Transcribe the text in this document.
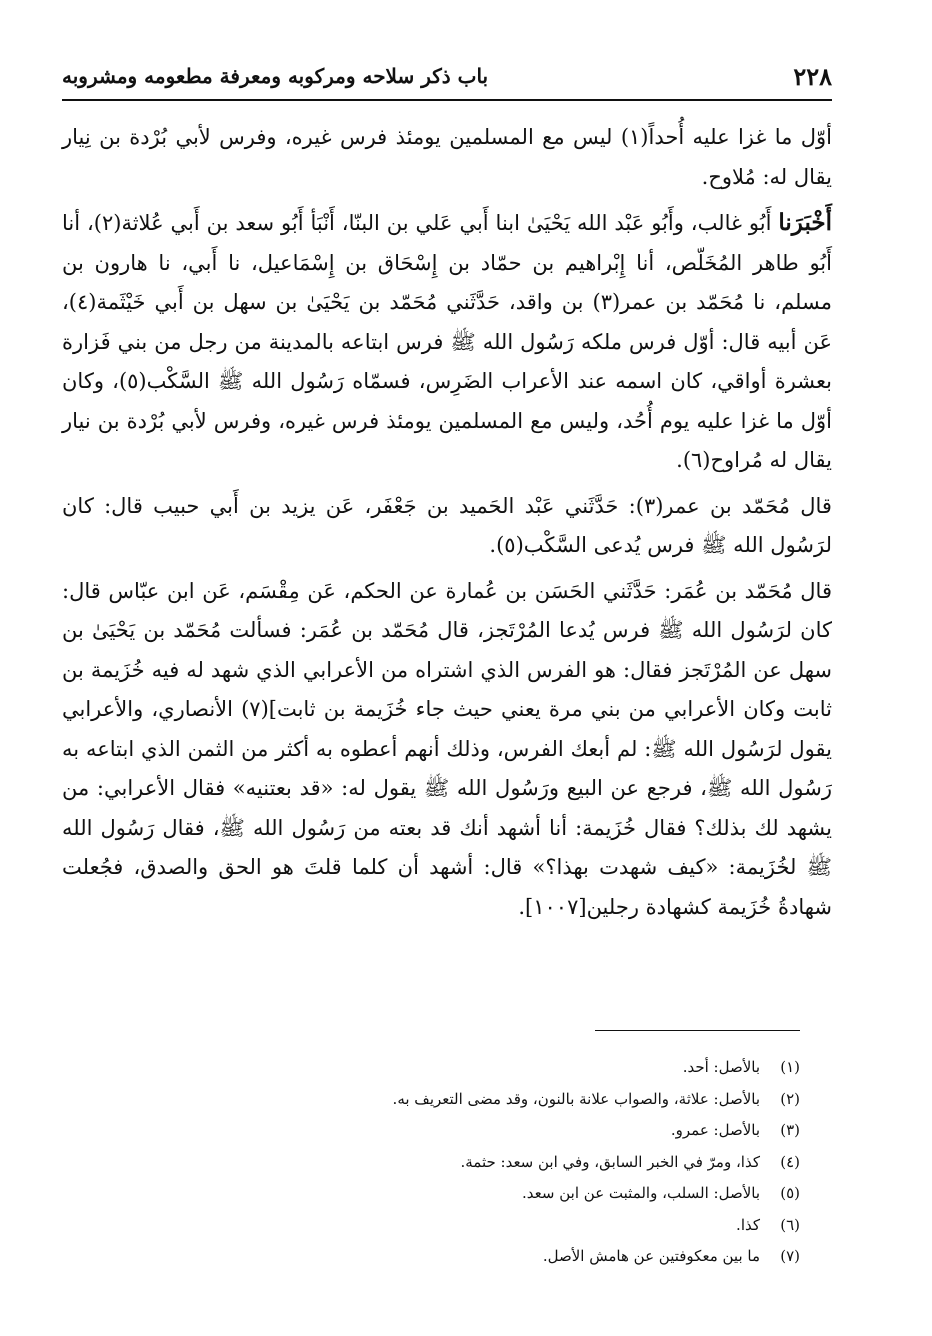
٢٢٨
باب ذكر سلاحه ومركوبه ومعرفة مطعومه ومشروبه

أوّل ما غزا عليه أُحداً(١) ليس مع المسلمين يومئذ فرس غيره، وفرس لأبي بُرْدة بن نِيار يقال له: مُلاوح.

أَخْبَرَنا أَبُو غالب، وأَبُو عَبْد الله يَحْيَىٰ ابنا أَبي عَلي بن البنّا، أَنْبَأ أَبُو سعد بن أَبي عُلاثة(٢)، أنا أَبُو طاهر المُخَلّص، أنا إِبْراهيم بن حمّاد بن إِسْحَاق بن إِسْمَاعيل، نا أَبي، نا هارون بن مسلم، نا مُحَمّد بن عمر(٣) بن واقد، حَدَّثَني مُحَمّد بن يَحْيَىٰ بن سهل بن أَبي خَيْثَمة(٤)، عَن أبيه قال: أوّل فرس ملكه رَسُول الله ﷺ فرس ابتاعه بالمدينة من رجل من بني فَزارة بعشرة أواقي، كان اسمه عند الأعراب الضَرِس، فسمّاه رَسُول الله ﷺ السَّكْب(٥)، وكان أوّل ما غزا عليه يوم أُحُد، وليس مع المسلمين يومئذ فرس غيره، وفرس لأبي بُرْدة بن نيار يقال له مُراوح(٦).

قال مُحَمّد بن عمر(٣): حَدَّثَني عَبْد الحَميد بن جَعْفَر، عَن يزيد بن أَبي حبيب قال: كان لرَسُول الله ﷺ فرس يُدعى السَّكْب(٥).

قال مُحَمّد بن عُمَر: حَدَّثَني الحَسَن بن عُمارة عن الحكم، عَن مِقْسَم، عَن ابن عبّاس قال: كان لرَسُول الله ﷺ فرس يُدعا المُرْتَجز، قال مُحَمّد بن عُمَر: فسألت مُحَمّد بن يَحْيَىٰ بن سهل عن المُرْتَجز فقال: هو الفرس الذي اشتراه من الأعرابي الذي شهد له فيه خُزَيمة بن ثابت وكان الأعرابي من بني مرة يعني حيث جاء خُزَيمة بن ثابت](٧) الأنصاري، والأعرابي يقول لرَسُول الله ﷺ: لم أبعك الفرس، وذلك أنهم أعطوه به أكثر من الثمن الذي ابتاعه به رَسُول الله ﷺ، فرجع عن البيع ورَسُول الله ﷺ يقول له: «قد بعتنيه» فقال الأعرابي: من يشهد لك بذلك؟ فقال خُزَيمة: أنا أشهد أنك قد بعته من رَسُول الله ﷺ، فقال رَسُول الله ﷺ لخُزَيمة: «كيف شهدت بهذا؟» قال: أشهد أن كلما قلتَ هو الحق والصدق، فجُعلت شهادةُ خُزَيمة كشهادة رجلين[١٠٠٧].

(١)بالأصل: أحد.
(٢)بالأصل: علاثة، والصواب علانة بالنون، وقد مضى التعريف به.
(٣)بالأصل: عمرو.
(٤)كذا، ومرّ في الخبر السابق، وفي ابن سعد: حثمة.
(٥)بالأصل: السلب، والمثبت عن ابن سعد.
(٦)كذا.
(٧)ما بين معكوفتين عن هامش الأصل.
